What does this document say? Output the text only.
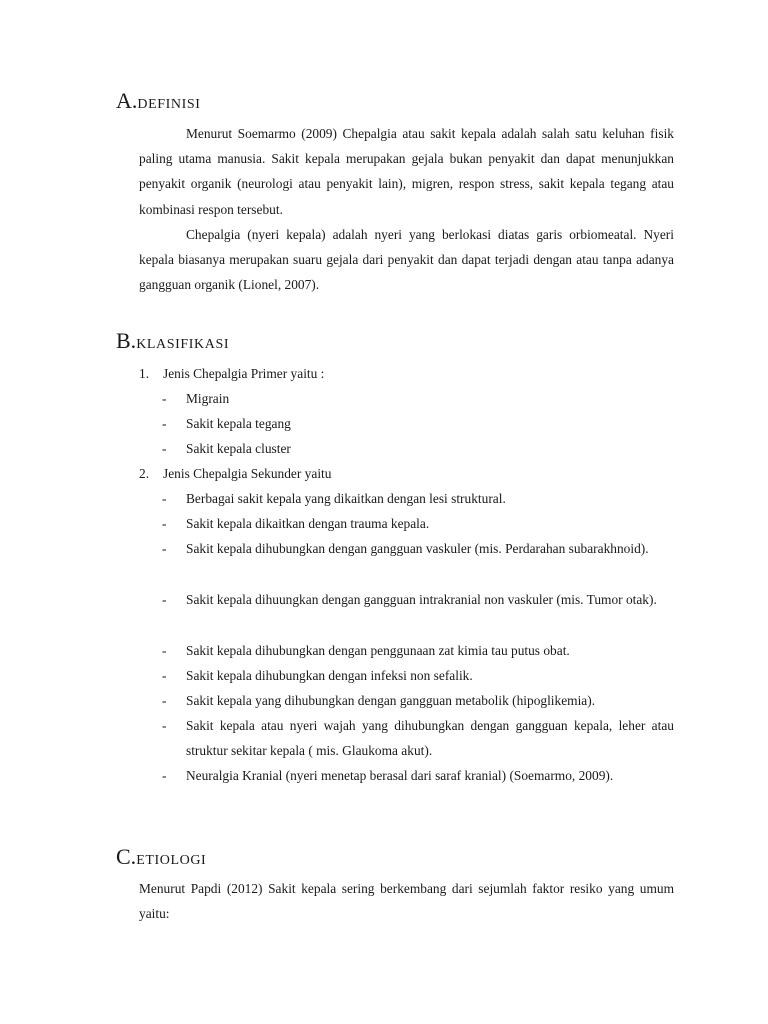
A.DEFINISI

Menurut Soemarmo (2009) Chepalgia atau sakit kepala adalah salah satu keluhan fisik paling utama manusia. Sakit kepala merupakan gejala bukan penyakit dan dapat menunjukkan penyakit organik (neurologi atau penyakit lain), migren, respon stress, sakit kepala tegang atau kombinasi respon tersebut.

Chepalgia (nyeri kepala) adalah nyeri yang berlokasi diatas garis orbiomeatal. Nyeri kepala biasanya merupakan suaru gejala dari penyakit dan dapat terjadi dengan atau tanpa adanya gangguan organik (Lionel, 2007).

B.KLASIFIKASI
1. Jenis Chepalgia Primer yaitu :
- Migrain
- Sakit kepala tegang
- Sakit kepala cluster
2. Jenis Chepalgia Sekunder yaitu
- Berbagai sakit kepala yang dikaitkan dengan lesi struktural.
- Sakit kepala dikaitkan dengan trauma kepala.
- Sakit kepala dihubungkan dengan gangguan vaskuler (mis. Perdarahan subarakhnoid).
- Sakit kepala dihuungkan dengan gangguan intrakranial non vaskuler (mis. Tumor otak).
- Sakit kepala dihubungkan dengan penggunaan zat kimia tau putus obat.
- Sakit kepala dihubungkan dengan infeksi non sefalik.
- Sakit kepala yang dihubungkan dengan gangguan metabolik (hipoglikemia).
- Sakit kepala atau nyeri wajah yang dihubungkan dengan gangguan kepala, leher atau struktur sekitar kepala ( mis. Glaukoma akut).
- Neuralgia Kranial (nyeri menetap berasal dari saraf kranial) (Soemarmo, 2009).
C.ETIOLOGI

Menurut Papdi (2012) Sakit kepala sering berkembang dari sejumlah faktor resiko yang umum yaitu:
